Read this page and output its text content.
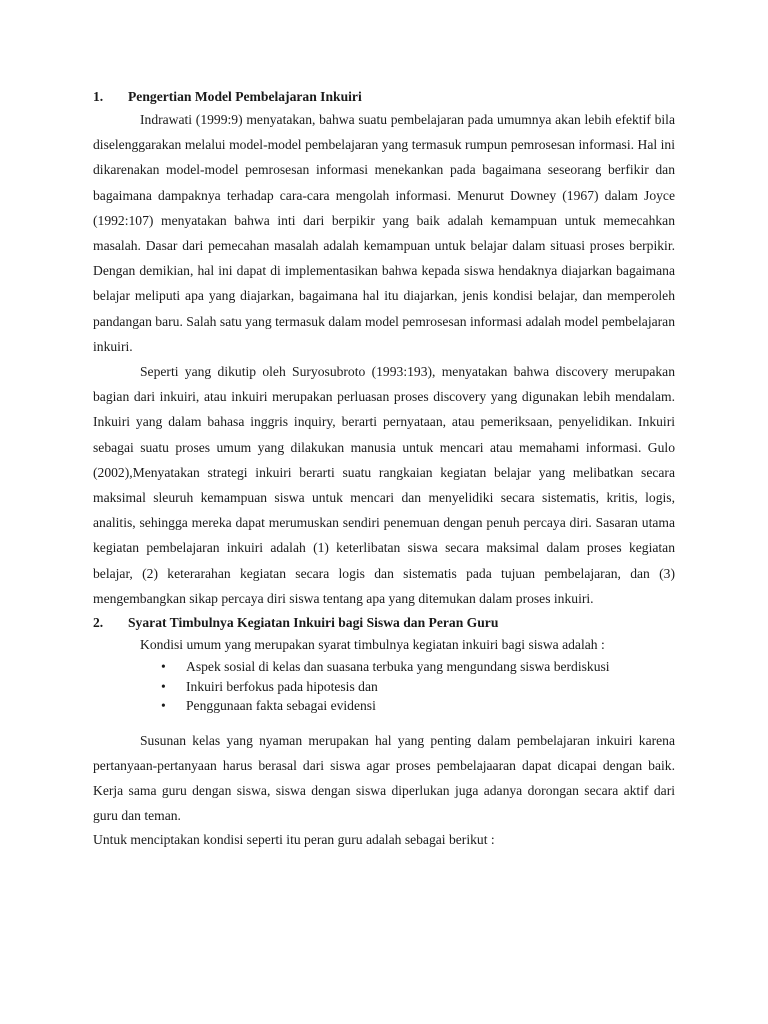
1. Pengertian Model Pembelajaran Inkuiri

Indrawati (1999:9) menyatakan, bahwa suatu pembelajaran pada umumnya akan lebih efektif bila diselenggarakan melalui model-model pembelajaran yang termasuk rumpun pemrosesan informasi. Hal ini dikarenakan model-model pemrosesan informasi menekankan pada bagaimana seseorang berfikir dan bagaimana dampaknya terhadap cara-cara mengolah informasi. Menurut Downey (1967) dalam Joyce (1992:107) menyatakan bahwa inti dari berpikir yang baik adalah kemampuan untuk memecahkan masalah. Dasar dari pemecahan masalah adalah kemampuan untuk belajar dalam situasi proses berpikir. Dengan demikian, hal ini dapat di implementasikan bahwa kepada siswa hendaknya diajarkan bagaimana belajar meliputi apa yang diajarkan, bagaimana hal itu diajarkan, jenis kondisi belajar, dan memperoleh pandangan baru. Salah satu yang termasuk dalam model pemrosesan informasi adalah model pembelajaran inkuiri.

Seperti yang dikutip oleh Suryosubroto (1993:193), menyatakan bahwa discovery merupakan bagian dari inkuiri, atau inkuiri merupakan perluasan proses discovery yang digunakan lebih mendalam. Inkuiri yang dalam bahasa inggris inquiry, berarti pernyataan, atau pemeriksaan, penyelidikan. Inkuiri sebagai suatu proses umum yang dilakukan manusia untuk mencari atau memahami informasi. Gulo (2002),Menyatakan strategi inkuiri berarti suatu rangkaian kegiatan belajar yang melibatkan secara maksimal sleuruh kemampuan siswa untuk mencari dan menyelidiki secara sistematis, kritis, logis, analitis, sehingga mereka dapat merumuskan sendiri penemuan dengan penuh percaya diri. Sasaran utama kegiatan pembelajaran inkuiri adalah (1) keterlibatan siswa secara maksimal dalam proses kegiatan belajar, (2) keterarahan kegiatan secara logis dan sistematis pada tujuan pembelajaran, dan (3) mengembangkan sikap percaya diri siswa tentang apa yang ditemukan dalam proses inkuiri.

2. Syarat Timbulnya Kegiatan Inkuiri bagi Siswa dan Peran Guru
Kondisi umum yang merupakan syarat timbulnya kegiatan inkuiri bagi siswa adalah :
• Aspek sosial di kelas dan suasana terbuka yang mengundang siswa berdiskusi
• Inkuiri berfokus pada hipotesis dan
• Penggunaan fakta sebagai evidensi

Susunan kelas yang nyaman merupakan hal yang penting dalam pembelajaran inkuiri karena pertanyaan-pertanyaan harus berasal dari siswa agar proses pembelajaaran dapat dicapai dengan baik. Kerja sama guru dengan siswa, siswa dengan siswa diperlukan juga adanya dorongan secara aktif dari guru dan teman.

Untuk menciptakan kondisi seperti itu peran guru adalah sebagai berikut :
